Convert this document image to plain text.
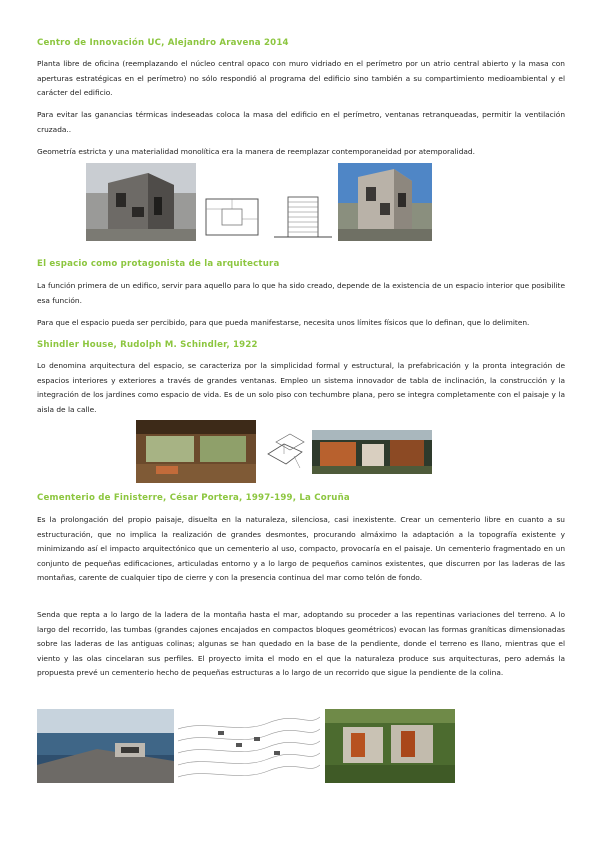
Centro de Innovación UC, Alejandro Aravena 2014
Planta libre de oficina (reemplazando el núcleo central opaco con muro vidriado en el perímetro por un atrio central abierto y la masa con aperturas estratégicas en el perímetro) no sólo respondió al programa del edificio sino también a su compartimiento medioambiental y el carácter del edificio.
Para evitar las ganancias térmicas indeseadas coloca la masa del edificio en el perímetro, ventanas retranqueadas, permitir la ventilación cruzada..
Geometría estricta y una materialidad monolítica era la manera de reemplazar contemporaneidad por atemporalidad.
El espacio como protagonista de la arquitectura
La función primera de un edifico, servir para aquello para lo que ha sido creado, depende de la existencia de un espacio interior que posibilite esa función.
Para que el espacio pueda ser percibido, para que pueda manifestarse, necesita unos límites físicos que lo definan, que lo delimiten.
Shindler House, Rudolph M. Schindler, 1922
Lo denomina arquitectura del espacio, se caracteriza por la simplicidad formal y estructural, la prefabricación y la pronta integración de espacios interiores y exteriores a través de grandes ventanas. Empleo un sistema innovador de tabla de inclinación, la construcción y la integración de los jardines como espacio de vida. Es de un solo piso con techumbre plana, pero se integra completamente con el paisaje y la aisla de la calle.
Cementerio de Finisterre, César Portera, 1997-199, La Coruña
Es la prolongación del propio paisaje, disuelta en la naturaleza, silenciosa, casi inexistente. Crear un cementerio libre en cuanto a su estructuración, que no implica la realización de grandes desmontes, procurando almáximo la adaptación a la topografía existente y minimizando así el impacto arquitectónico que un cementerio al uso, compacto, provocaría en el paisaje. Un cementerio fragmentado en un conjunto de pequeñas edificaciones, articuladas entorno y a lo largo de pequeños caminos existentes, que discurren por las laderas de las montañas, carente de cualquier tipo de cierre y con la presencia continua del mar como telón de fondo.
Senda que repta a lo largo de la ladera de la montaña hasta el mar, adoptando su proceder a las repentinas variaciones del terreno. A lo largo del recorrido, las tumbas (grandes cajones encajados en compactos bloques geométricos) evocan las formas graníticas dimensionadas sobre las laderas de las antiguas colinas; algunas se han quedado en la base de la pendiente, donde el terreno es llano, mientras que el viento y las olas cincelaran sus perfiles. El proyecto imita el modo en el que la naturaleza produce sus arquitecturas, pero además la propuesta prevé un cementerio hecho de pequeñas estructuras a lo largo de un recorrido que sigue la pendiente de la colina.
